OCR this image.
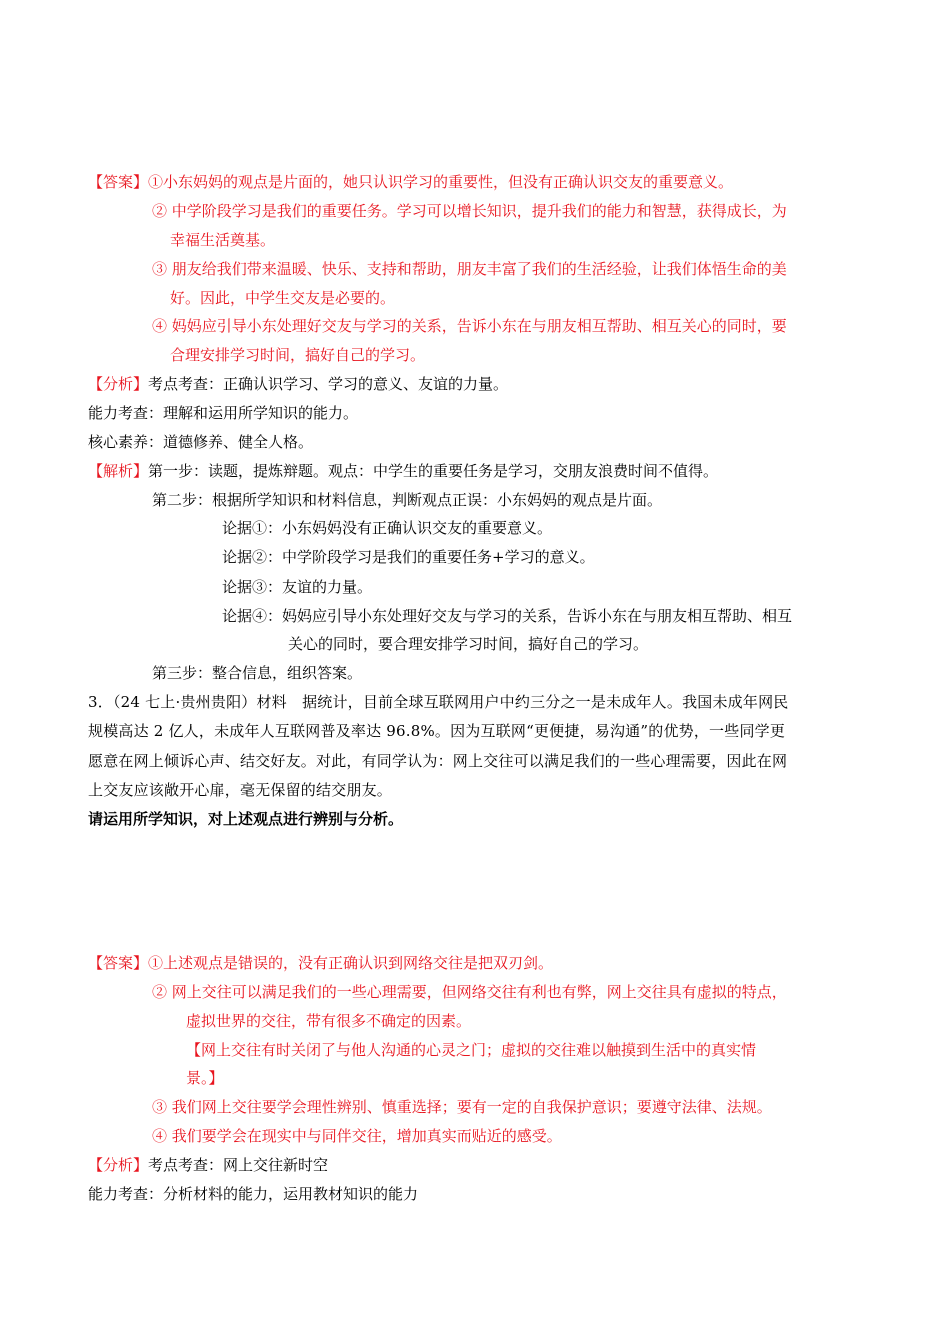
【答案】①小东妈妈的观点是片面的，她只认识学习的重要性，但没有正确认识交友的重要意义。
② 中学阶段学习是我们的重要任务。学习可以增长知识，提升我们的能力和智慧，获得成长，为
幸福生活奠基。
③ 朋友给我们带来温暖、快乐、支持和帮助，朋友丰富了我们的生活经验，让我们体悟生命的美
好。因此，中学生交友是必要的。
④ 妈妈应引导小东处理好交友与学习的关系，告诉小东在与朋友相互帮助、相互关心的同时，要
合理安排学习时间，搞好自己的学习。
【分析】考点考查：正确认识学习、学习的意义、友谊的力量。
能力考查：理解和运用所学知识的能力。
核心素养：道德修养、健全人格。
【解析】第一步：读题，提炼辩题。观点：中学生的重要任务是学习，交朋友浪费时间不值得。
第二步：根据所学知识和材料信息，判断观点正误：小东妈妈的观点是片面。
论据①：小东妈妈没有正确认识交友的重要意义。
论据②：中学阶段学习是我们的重要任务+学习的意义。
论据③：友谊的力量。
论据④：妈妈应引导小东处理好交友与学习的关系，告诉小东在与朋友相互帮助、相互
关心的同时，要合理安排学习时间，搞好自己的学习。
第三步：整合信息，组织答案。
3．（24 七上·贵州贵阳）材料　据统计，目前全球互联网用户中约三分之一是未成年人。我国未成年网民
规模高达 2 亿人，未成年人互联网普及率达 96.8%。因为互联网“更便捷，易沟通”的优势，一些同学更
愿意在网上倾诉心声、结交好友。对此，有同学认为：网上交往可以满足我们的一些心理需要，因此在网
上交友应该敞开心扉，毫无保留的结交朋友。
请运用所学知识，对上述观点进行辨别与分析。
【答案】①上述观点是错误的，没有正确认识到网络交往是把双刃剑。
② 网上交往可以满足我们的一些心理需要，但网络交往有利也有弊，网上交往具有虚拟的特点，
虚拟世界的交往，带有很多不确定的因素。
【网上交往有时关闭了与他人沟通的心灵之门；虚拟的交往难以触摸到生活中的真实情
景。】
③ 我们网上交往要学会理性辨别、慎重选择；要有一定的自我保护意识；要遵守法律、法规。
④ 我们要学会在现实中与同伴交往，增加真实而贴近的感受。
【分析】考点考查：网上交往新时空
能力考查：分析材料的能力，运用教材知识的能力
